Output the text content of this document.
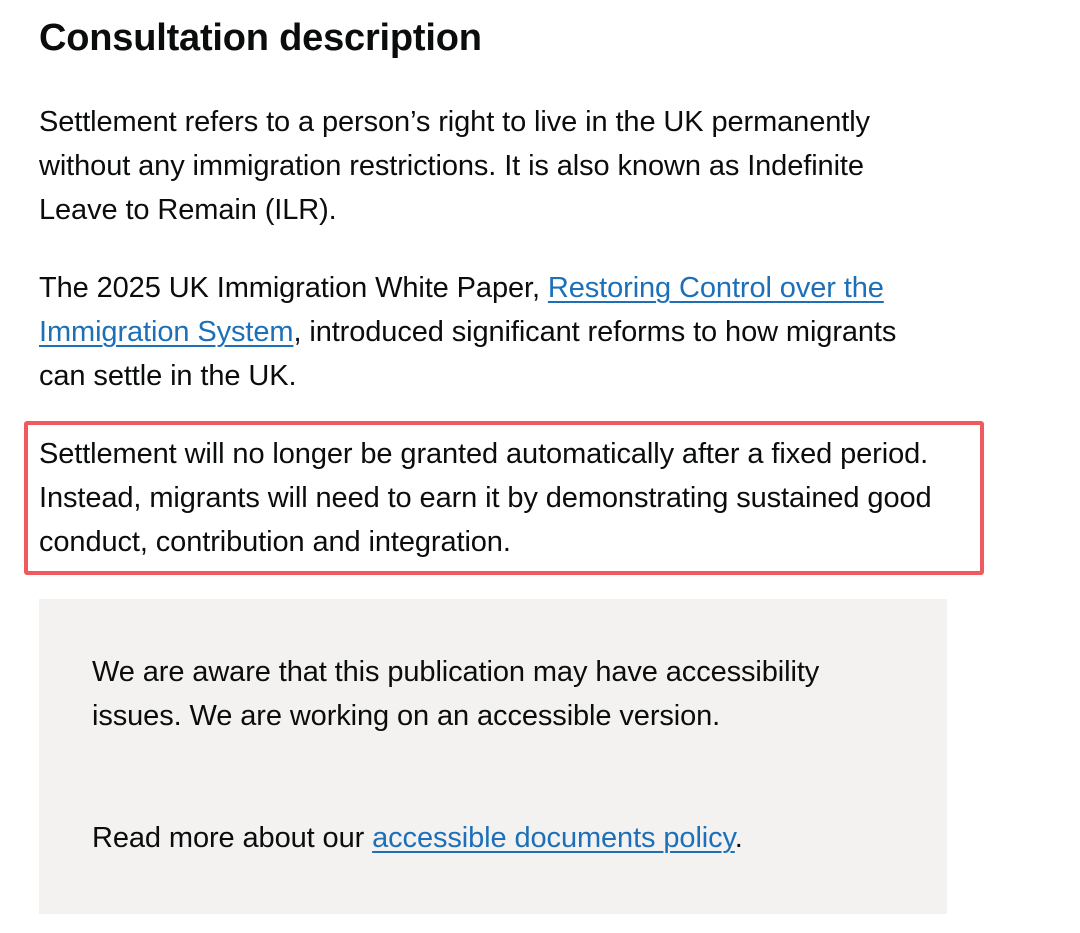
Consultation description

Settlement refers to a person’s right to live in the UK permanently without any immigration restrictions. It is also known as Indefinite Leave to Remain (ILR).

The 2025 UK Immigration White Paper, Restoring Control over the Immigration System, introduced significant reforms to how migrants can settle in the UK.

Settlement will no longer be granted automatically after a fixed period. Instead, migrants will need to earn it by demonstrating sustained good conduct, contribution and integration.

We are aware that this publication may have accessibility issues. We are working on an accessible version.

Read more about our accessible documents policy.
